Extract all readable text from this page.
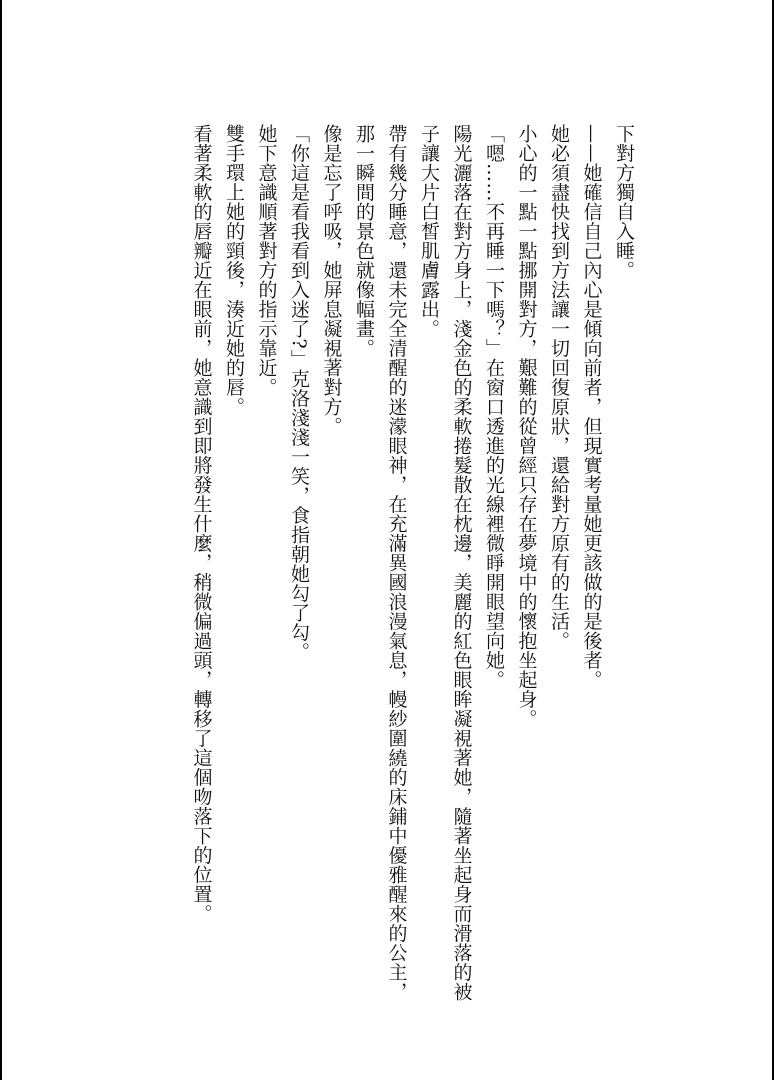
下對方獨自入睡。

——她確信自己內心是傾向前者，但現實考量她更該做的是後者。

她必須盡快找到方法讓一切回復原狀，還給對方原有的生活。

小心的一點一點挪開對方，艱難的從曾經只存在夢境中的懷抱坐起身。

「嗯……不再睡一下嗎？」在窗口透進的光線裡微睜開眼望向她。

陽光灑落在對方身上，淺金色的柔軟捲髮散在枕邊，美麗的紅色眼眸凝視著她，隨著坐起身而滑落的被子讓大片白皙肌膚露出。

帶有幾分睡意，還未完全清醒的迷濛眼神，在充滿異國浪漫氣息，幔紗圍繞的床鋪中優雅醒來的公主，那一瞬間的景色就像幅畫。

像是忘了呼吸，她屏息凝視著對方。

「你這是看我看到入迷了?」克洛淺淺一笑，食指朝她勾了勾。

她下意識順著對方的指示靠近。

雙手環上她的頸後，湊近她的唇。

看著柔軟的唇瓣近在眼前，她意識到即將發生什麼，稍微偏過頭，轉移了這個吻落下的位置。
